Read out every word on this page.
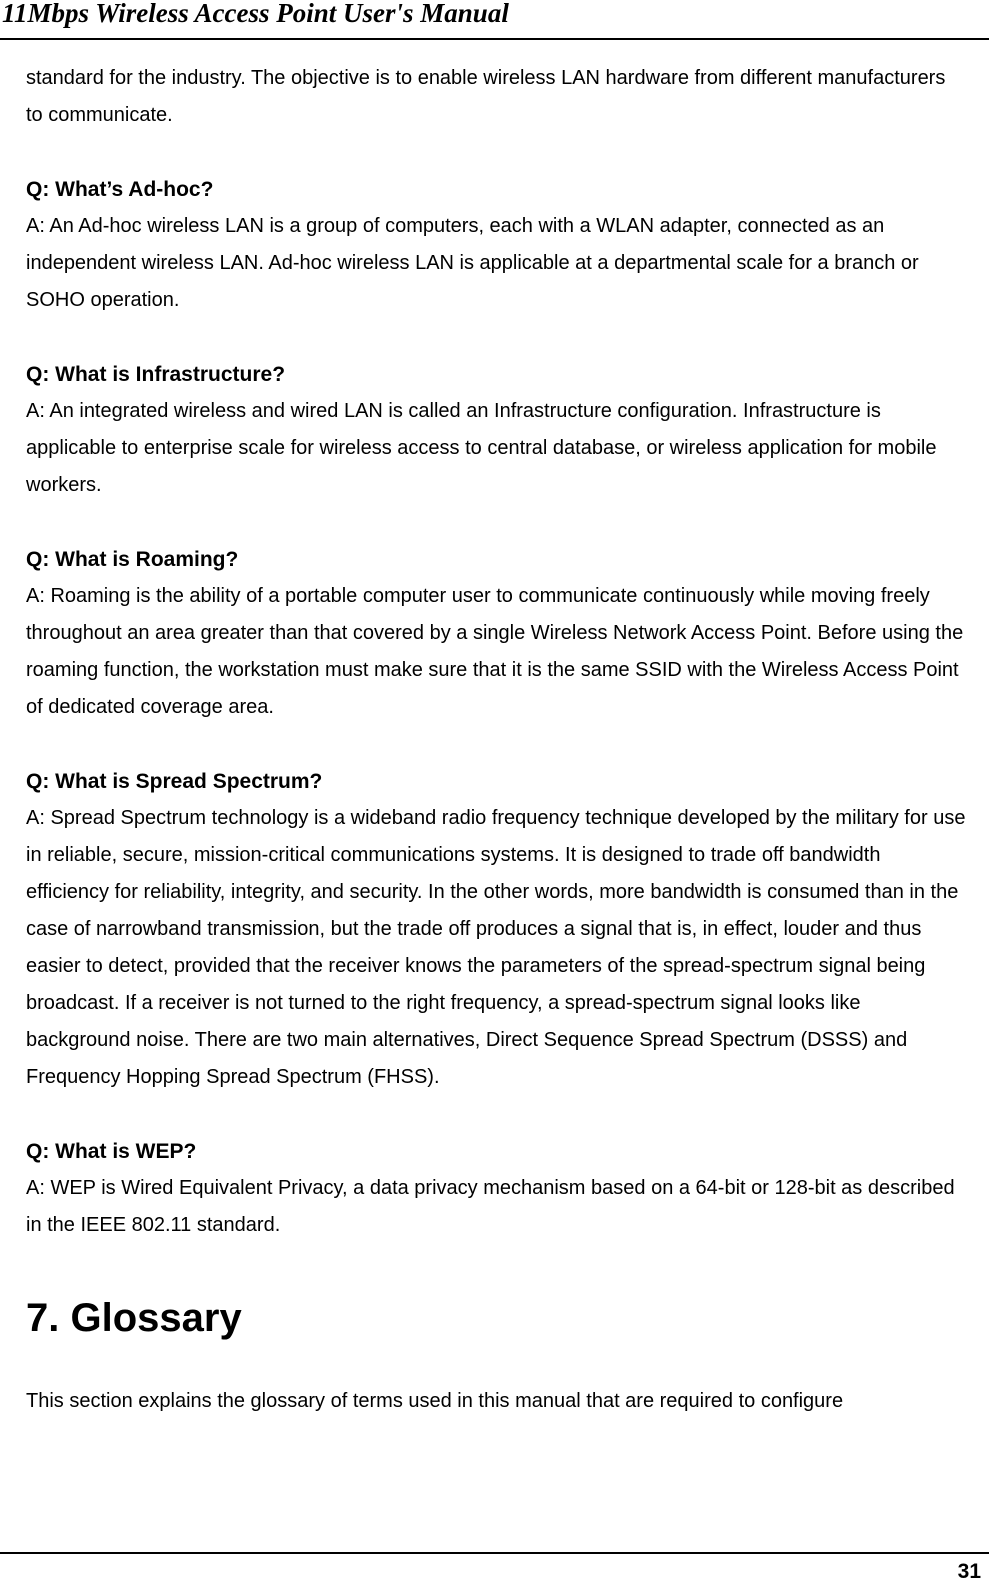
11Mbps Wireless Access Point User's Manual

standard for the industry. The objective is to enable wireless LAN hardware from different manufacturers to communicate.

Q: What’s Ad-hoc?

A: An Ad-hoc wireless LAN is a group of computers, each with a WLAN adapter, connected as an independent wireless LAN. Ad-hoc wireless LAN is applicable at a departmental scale for a branch or SOHO operation.

Q: What is Infrastructure?

A: An integrated wireless and wired LAN is called an Infrastructure configuration. Infrastructure is applicable to enterprise scale for wireless access to central database, or wireless application for mobile workers.

Q: What is Roaming?

A: Roaming is the ability of a portable computer user to communicate continuously while moving freely throughout an area greater than that covered by a single Wireless Network Access Point. Before using the roaming function, the workstation must make sure that it is the same SSID with the Wireless Access Point of dedicated coverage area.

Q: What is Spread Spectrum?

A: Spread Spectrum technology is a wideband radio frequency technique developed by the military for use in reliable, secure, mission-critical communications systems. It is designed to trade off bandwidth efficiency for reliability, integrity, and security. In the other words, more bandwidth is consumed than in the case of narrowband transmission, but the trade off produces a signal that is, in effect, louder and thus easier to detect, provided that the receiver knows the parameters of the spread-spectrum signal being broadcast. If a receiver is not turned to the right frequency, a spread-spectrum signal looks like background noise. There are two main alternatives, Direct Sequence Spread Spectrum (DSSS) and Frequency Hopping Spread Spectrum (FHSS).

Q: What is WEP?

A: WEP is Wired Equivalent Privacy, a data privacy mechanism based on a 64-bit or 128-bit as described in the IEEE 802.11 standard.

7. Glossary

This section explains the glossary of terms used in this manual that are required to configure

31
